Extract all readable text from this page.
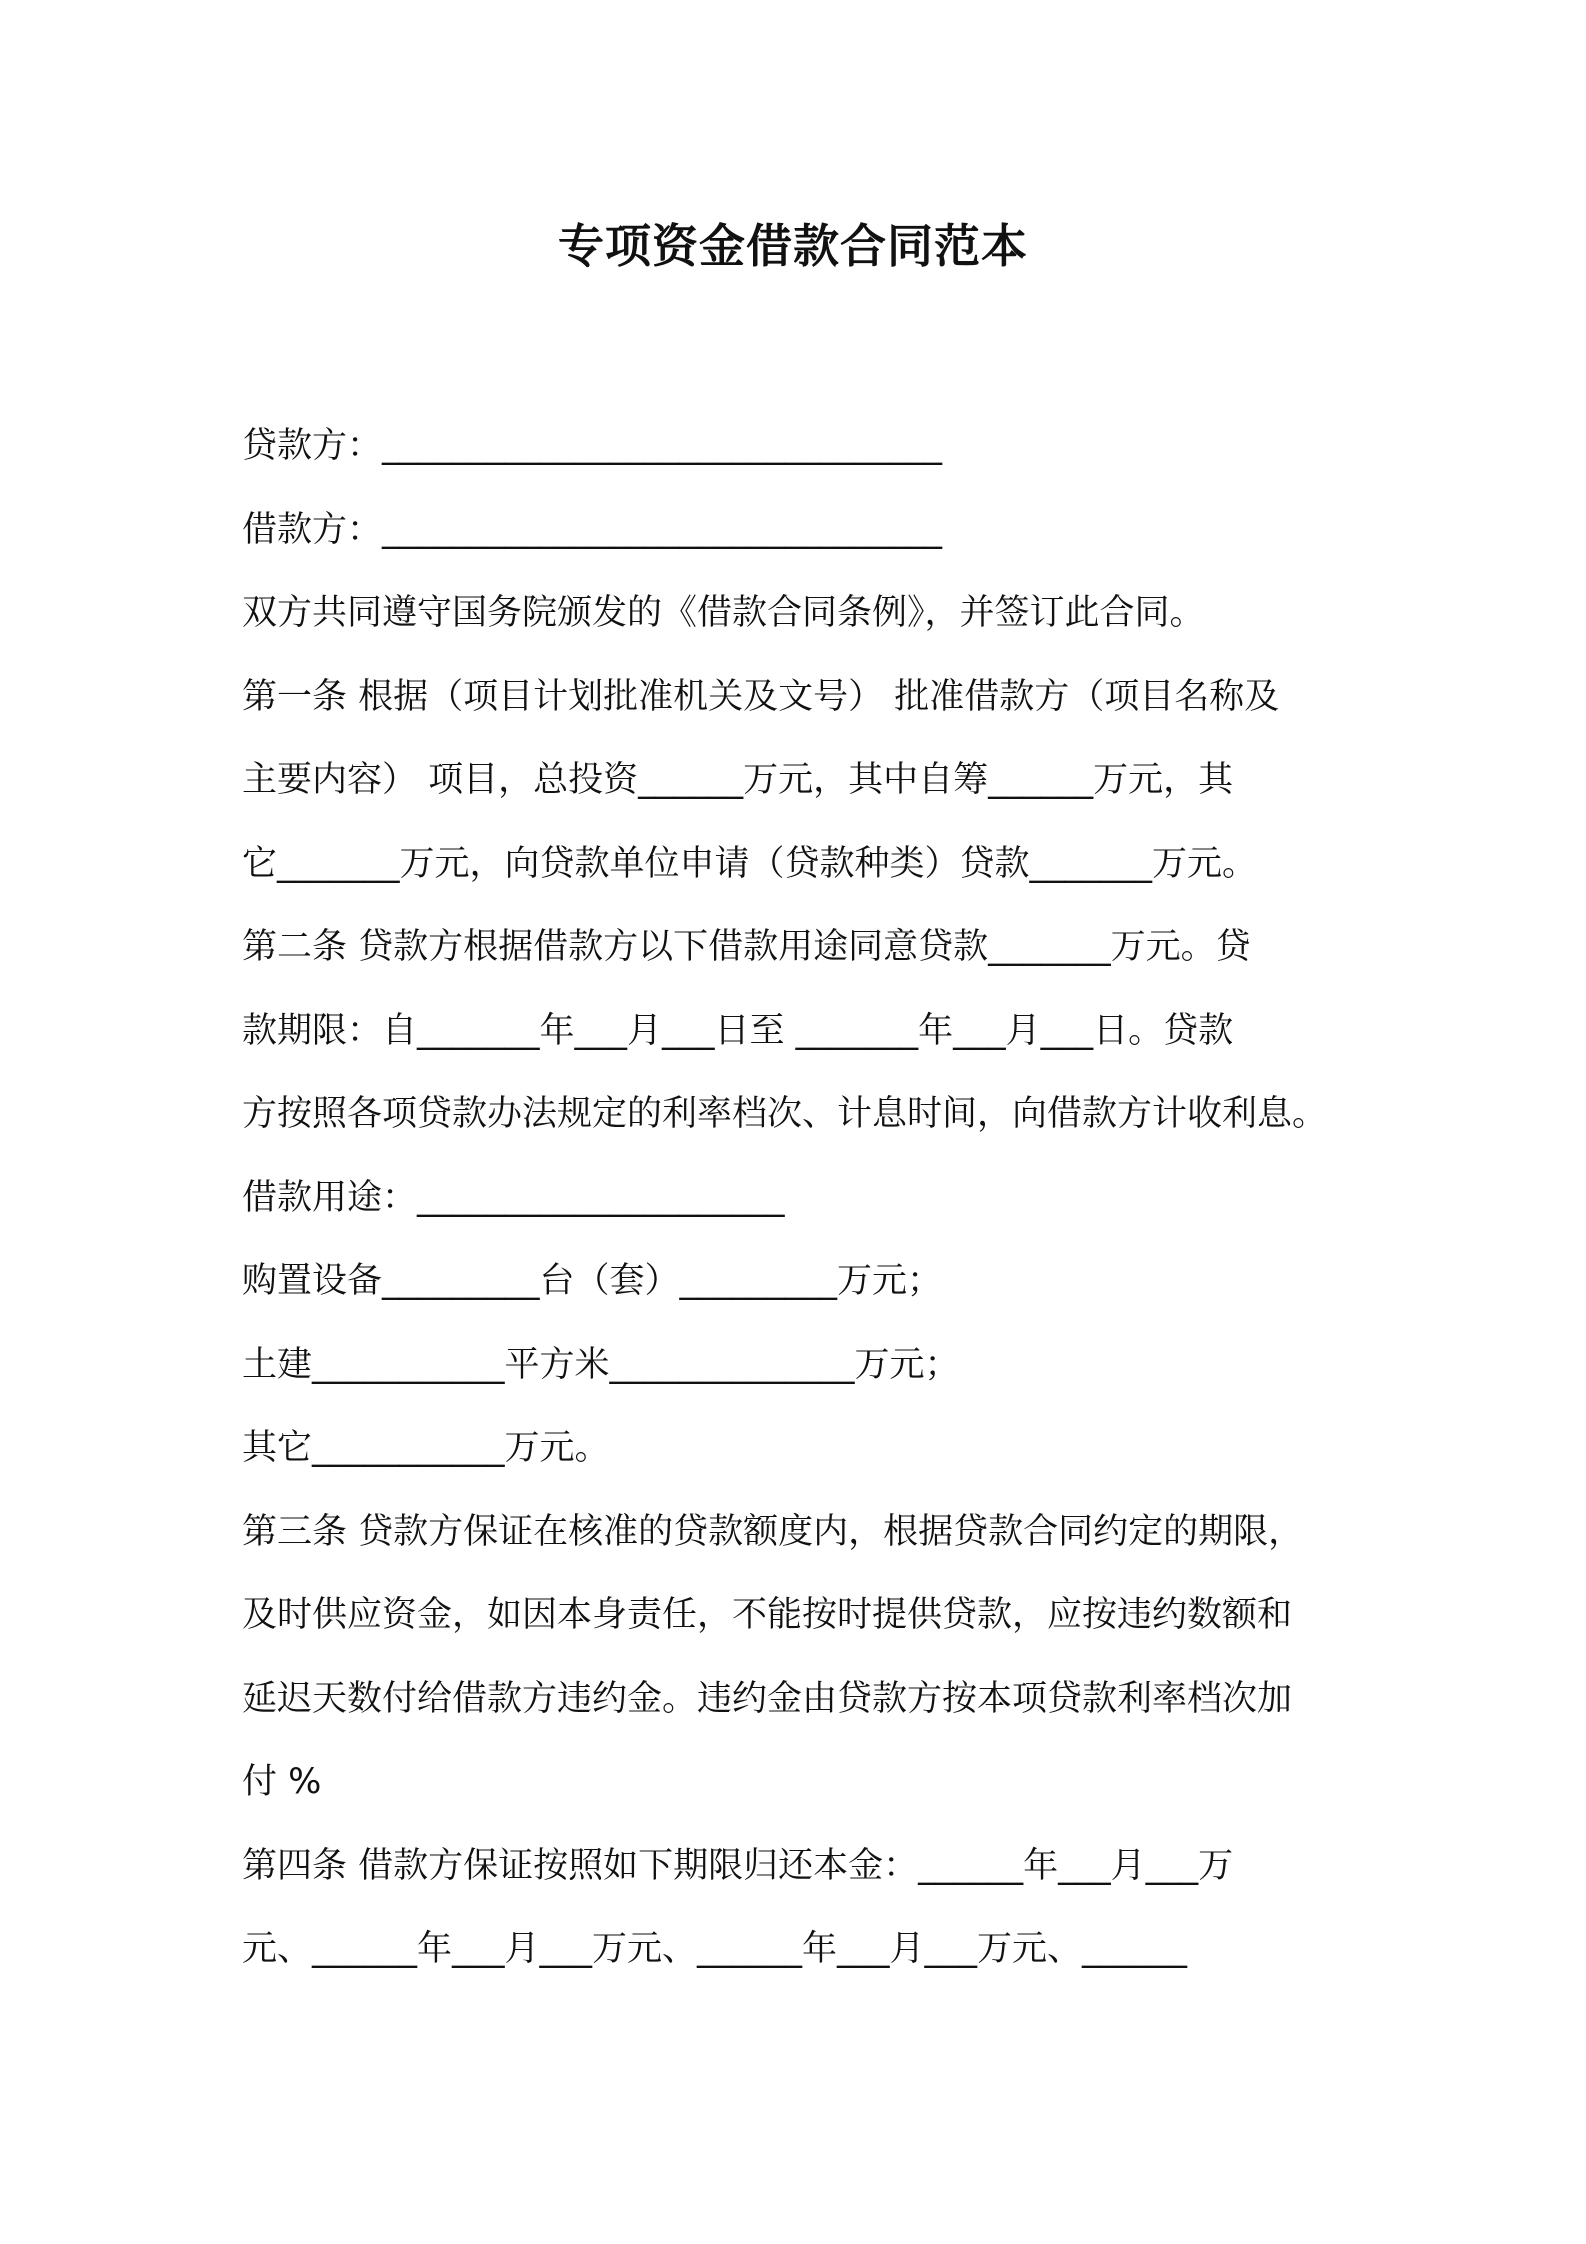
专项资金借款合同范本
贷款方：________________________________
借款方：________________________________
双方共同遵守国务院颁发的《借款合同条例》，并签订此合同。
第一条 根据（项目计划批准机关及文号） 批准借款方（项目名称及
主要内容） 项目，总投资______万元，其中自筹______万元，其
它_______万元，向贷款单位申请（贷款种类）贷款_______万元。
第二条 贷款方根据借款方以下借款用途同意贷款_______万元。贷
款期限：自_______年___月___日至 _______年___月___日。贷款
方按照各项贷款办法规定的利率档次、计息时间，向借款方计收利息。
借款用途：_____________________
购置设备_________台（套）_________万元；
土建___________平方米______________万元；
其它___________万元。
第三条 贷款方保证在核准的贷款额度内，根据贷款合同约定的期限，
及时供应资金，如因本身责任，不能按时提供贷款，应按违约数额和
延迟天数付给借款方违约金。违约金由贷款方按本项贷款利率档次加
付 %
第四条 借款方保证按照如下期限归还本金：______年___月___万
元、______年___月___万元、______年___月___万元、______
